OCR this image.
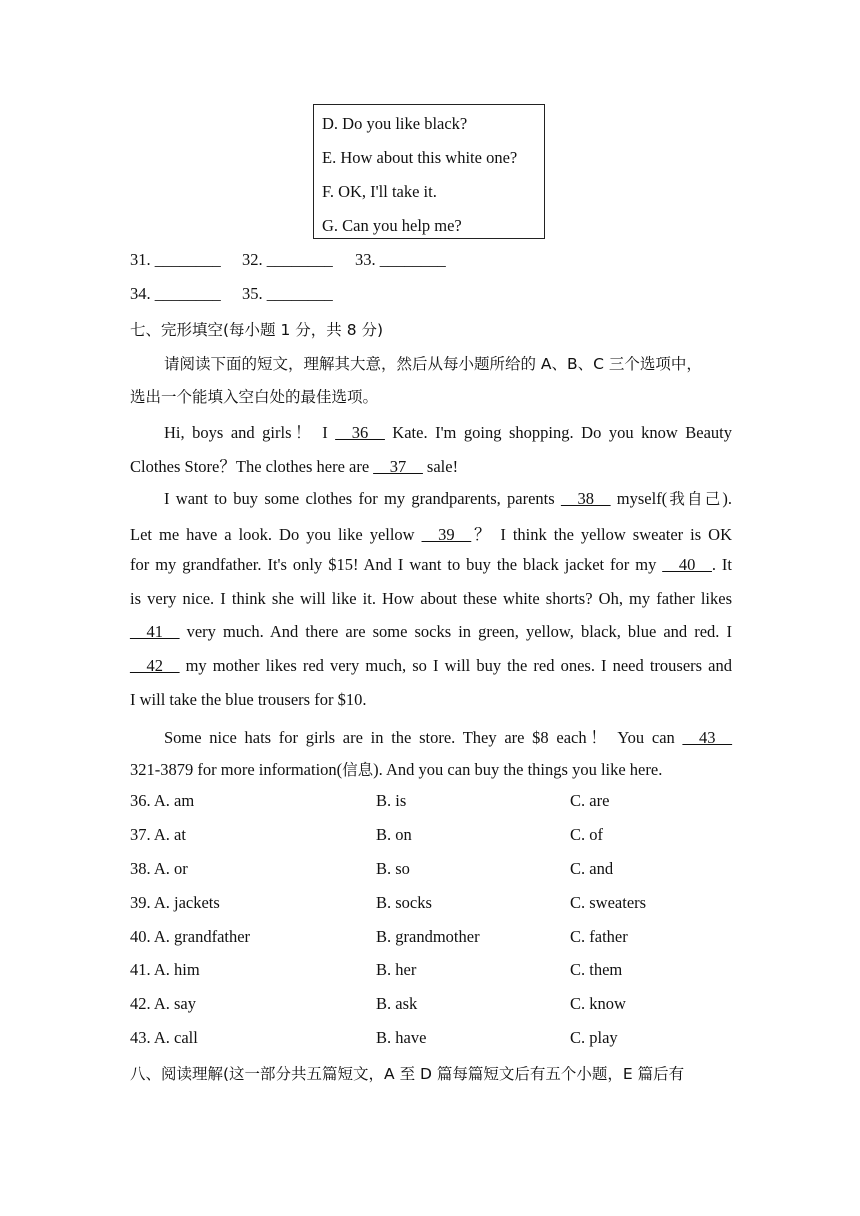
D. Do you like black?
E. How about this white one?
F. OK, I'll take it.
G. Can you help me?
31. ________ 32. ________ 33. ________
34. ________ 35. ________
七、完形填空(每小题 1 分，共 8 分)
请阅读下面的短文，理解其大意，然后从每小题所给的 A、B、C 三个选项中，
选出一个能填入空白处的最佳选项。
Hi, boys and girls！ I __36__ Kate. I'm going shopping. Do you know Beauty
Clothes Store？The clothes here are __37__ sale!
I want to buy some clothes for my grandparents, parents __38__ myself(我自己).
Let me have a look. Do you like yellow __39__？ I think the yellow sweater is OK
for my grandfather. It's only $15! And I want to buy the black jacket for my __40__. It
is very nice. I think she will like it. How about these white shorts? Oh, my father likes
__41__ very much. And there are some socks in green, yellow, black, blue and red. I
__42__ my mother likes red very much, so I will buy the red ones. I need trousers and
I will take the blue trousers for $10.
Some nice hats for girls are in the store. They are $8 each！ You can __43__
321-3879 for more information(信息). And you can buy the things you like here.
36. A. am	B. is	C. are
37. A. at	B. on	C. of
38. A. or	B. so	C. and
39. A. jackets	B. socks	C. sweaters
40. A. grandfather	B. grandmother	C. father
41. A. him	B. her	C. them
42. A. say	B. ask	C. know
43. A. call	B. have	C. play
八、阅读理解(这一部分共五篇短文，A 至 D 篇每篇短文后有五个小题，E 篇后有
